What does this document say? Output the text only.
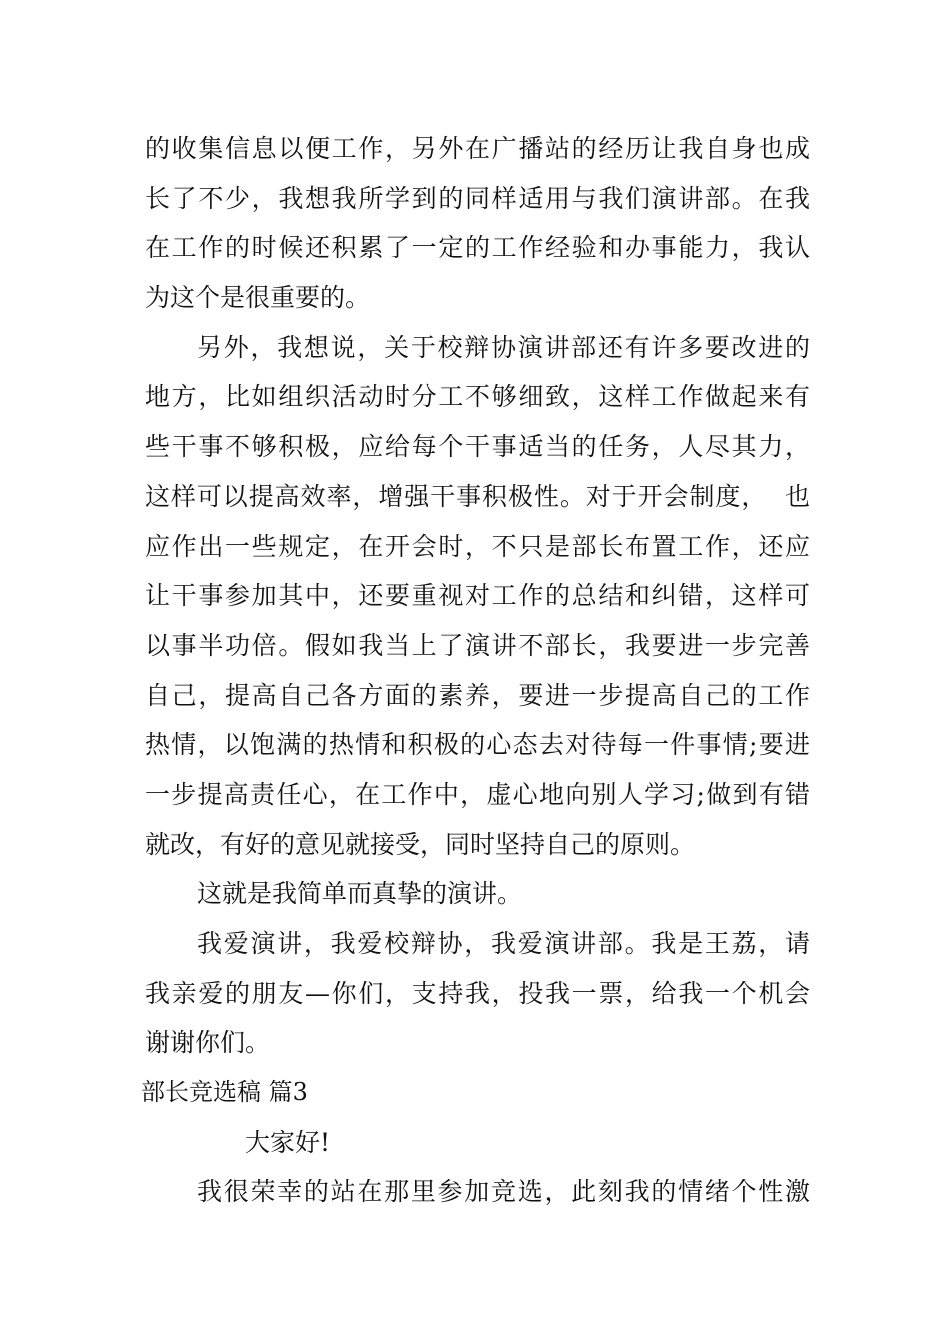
的收集信息以便工作，另外在广播站的经历让我自身也成
长了不少，我想我所学到的同样适用与我们演讲部。在我
在工作的时候还积累了一定的工作经验和办事能力，我认
为这个是很重要的。
另外，我想说，关于校辩协演讲部还有许多要改进的
地方，比如组织活动时分工不够细致，这样工作做起来有
些干事不够积极，应给每个干事适当的任务，人尽其力，
这样可以提高效率，增强干事积极性。对于开会制度，  也
应作出一些规定，在开会时，不只是部长布置工作，还应
让干事参加其中，还要重视对工作的总结和纠错，这样可
以事半功倍。假如我当上了演讲不部长，我要进一步完善
自己，提高自己各方面的素养，要进一步提高自己的工作
热情，以饱满的热情和积极的心态去对待每一件事情;要进
一步提高责任心，在工作中，虚心地向别人学习;做到有错
就改，有好的意见就接受，同时坚持自己的原则。
这就是我简单而真挚的演讲。
我爱演讲，我爱校辩协，我爱演讲部。我是王荔，请
我亲爱的朋友—你们，支持我，投我一票，给我一个机会
谢谢你们。
部长竞选稿 篇3
大家好!
我很荣幸的站在那里参加竞选，此刻我的情绪个性激
